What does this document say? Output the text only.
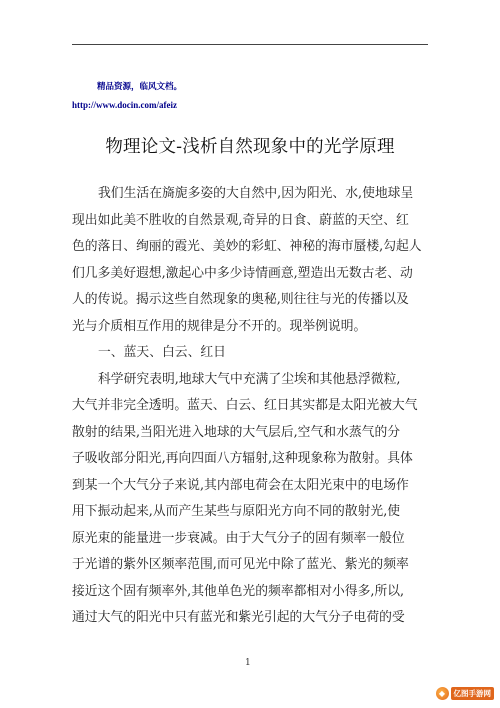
精品资源，临风文档。
http://www.docin.com/afeiz
物理论文-浅析自然现象中的光学原理
我们生活在旖旎多姿的大自然中,因为阳光、水,使地球呈
现出如此美不胜收的自然景观,奇异的日食、蔚蓝的天空、红
色的落日、绚丽的霞光、美妙的彩虹、神秘的海市蜃楼,勾起人
们几多美好遐想,激起心中多少诗情画意,塑造出无数古老、动
人的传说。揭示这些自然现象的奥秘,则往往与光的传播以及
光与介质相互作用的规律是分不开的。现举例说明。
一、蓝天、白云、红日
科学研究表明,地球大气中充满了尘埃和其他悬浮微粒,
大气并非完全透明。蓝天、白云、红日其实都是太阳光被大气
散射的结果,当阳光进入地球的大气层后,空气和水蒸气的分
子吸收部分阳光,再向四面八方辐射,这种现象称为散射。具体
到某一个大气分子来说,其内部电荷会在太阳光束中的电场作
用下振动起来,从而产生某些与原阳光方向不同的散射光,使
原光束的能量进一步衰减。由于大气分子的固有频率一般位
于光谱的紫外区频率范围,而可见光中除了蓝光、紫光的频率
接近这个固有频率外,其他单色光的频率都相对小得多,所以,
通过大气的阳光中只有蓝光和紫光引起的大气分子电荷的受
1
◆	亿图手游网
